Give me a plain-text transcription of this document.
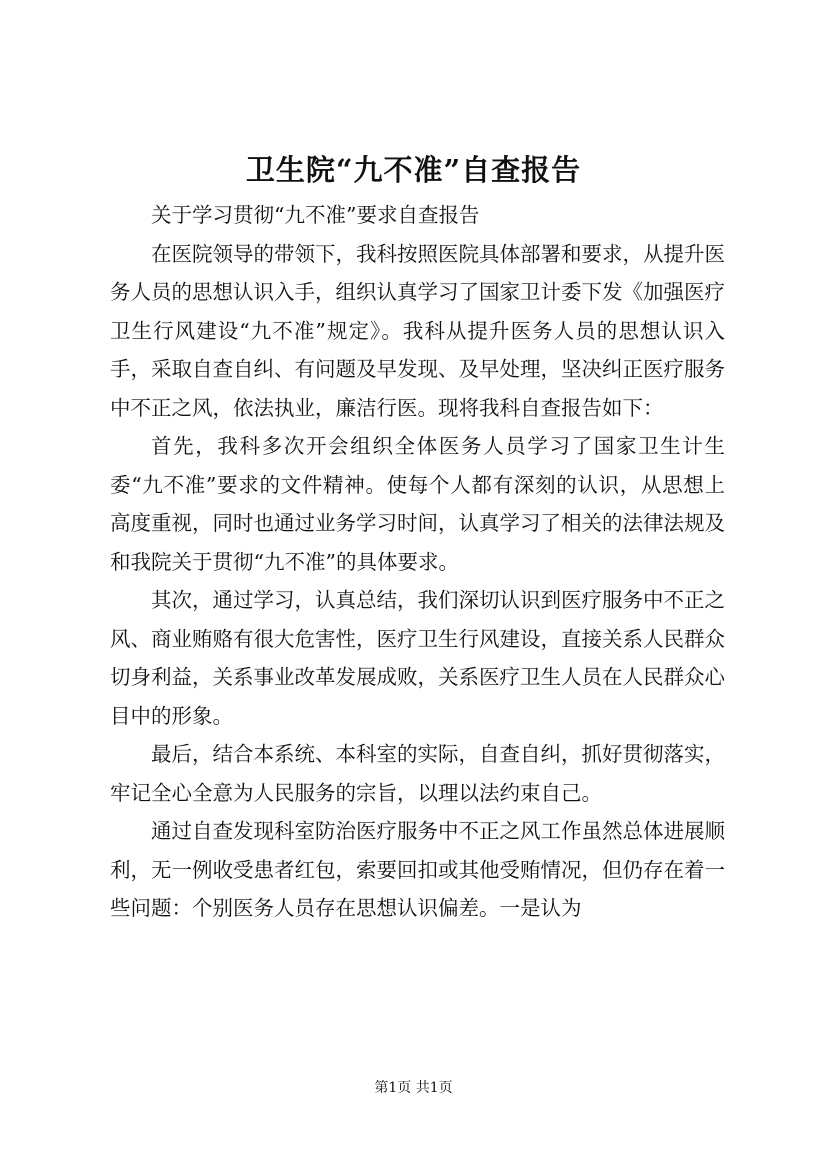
卫生院“九不准”自查报告

关于学习贯彻“九不准”要求自查报告

在医院领导的带领下，我科按照医院具体部署和要求，从提升医务人员的思想认识入手，组织认真学习了国家卫计委下发《加强医疗卫生行风建设“九不准”规定》。我科从提升医务人员的思想认识入手，采取自查自纠、有问题及早发现、及早处理，坚决纠正医疗服务中不正之风，依法执业，廉洁行医。现将我科自查报告如下：

首先，我科多次开会组织全体医务人员学习了国家卫生计生委“九不准”要求的文件精神。使每个人都有深刻的认识，从思想上高度重视，同时也通过业务学习时间，认真学习了相关的法律法规及和我院关于贯彻“九不准”的具体要求。

其次，通过学习，认真总结，我们深切认识到医疗服务中不正之风、商业贿赂有很大危害性，医疗卫生行风建设，直接关系人民群众切身利益，关系事业改革发展成败，关系医疗卫生人员在人民群众心目中的形象。

最后，结合本系统、本科室的实际，自查自纠，抓好贯彻落实，牢记全心全意为人民服务的宗旨，以理以法约束自己。

通过自查发现科室防治医疗服务中不正之风工作虽然总体进展顺利，无一例收受患者红包，索要回扣或其他受贿情况，但仍存在着一些问题：个别医务人员存在思想认识偏差。一是认为

第1页 共1页
